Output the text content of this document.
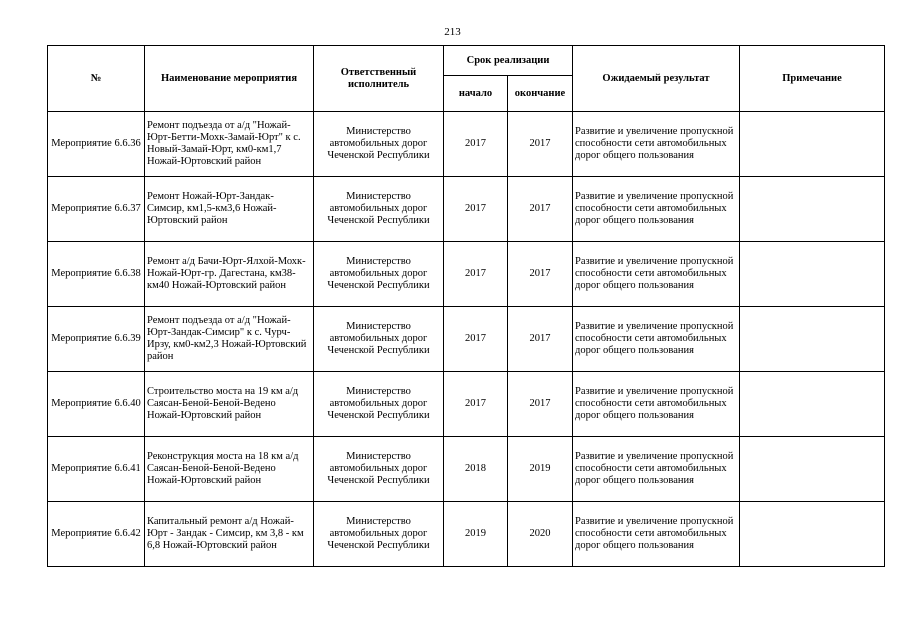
213
№	Наименование мероприятия	Ответственный исполнитель	Срок реализации		Ожидаемый результат	Примечание
			начало	окончание		
Мероприятие 6.6.36	Ремонт подъезда от а/д "Ножай-Юрт-Бетти-Мохк-Замай-Юрт" к с. Новый-Замай-Юрт, км0-км1,7 Ножай-Юртовский район	Министерство автомобильных дорог Чеченской Республики	2017	2017	Развитие и увеличение пропускной способности сети автомобильных дорог общего пользования	
Мероприятие 6.6.37	Ремонт Ножай-Юрт-Зандак-Симсир, км1,5-км3,6 Ножай-Юртовский район	Министерство автомобильных дорог Чеченской Республики	2017	2017	Развитие и увеличение пропускной способности сети автомобильных дорог общего пользования	
Мероприятие 6.6.38	Ремонт а/д Бачи-Юрт-Ялхой-Мохк-Ножай-Юрт-гр. Дагестана, км38-км40 Ножай-Юртовский район	Министерство автомобильных дорог Чеченской Республики	2017	2017	Развитие и увеличение пропускной способности сети автомобильных дорог общего пользования	
Мероприятие 6.6.39	Ремонт подъезда от а/д "Ножай-Юрт-Зандак-Симсир" к с. Чурч-Ирзу, км0-км2,3 Ножай-Юртовский район	Министерство автомобильных дорог Чеченской Республики	2017	2017	Развитие и увеличение пропускной способности сети автомобильных дорог общего пользования	
Мероприятие 6.6.40	Строительство моста на 19 км а/д Саясан-Беной-Беной-Ведено Ножай-Юртовский район	Министерство автомобильных дорог Чеченской Республики	2017	2017	Развитие и увеличение пропускной способности сети автомобильных дорог общего пользования	
Мероприятие 6.6.41	Реконструкция моста на 18 км а/д Саясан-Беной-Беной-Ведено Ножай-Юртовский район	Министерство автомобильных дорог Чеченской Республики	2018	2019	Развитие и увеличение пропускной способности сети автомобильных дорог общего пользования	
Мероприятие 6.6.42	Капитальный ремонт а/д Ножай-Юрт - Зандак - Симсир, км 3,8 - км 6,8 Ножай-Юртовский район	Министерство автомобильных дорог Чеченской Республики	2019	2020	Развитие и увеличение пропускной способности сети автомобильных дорог общего пользования	
